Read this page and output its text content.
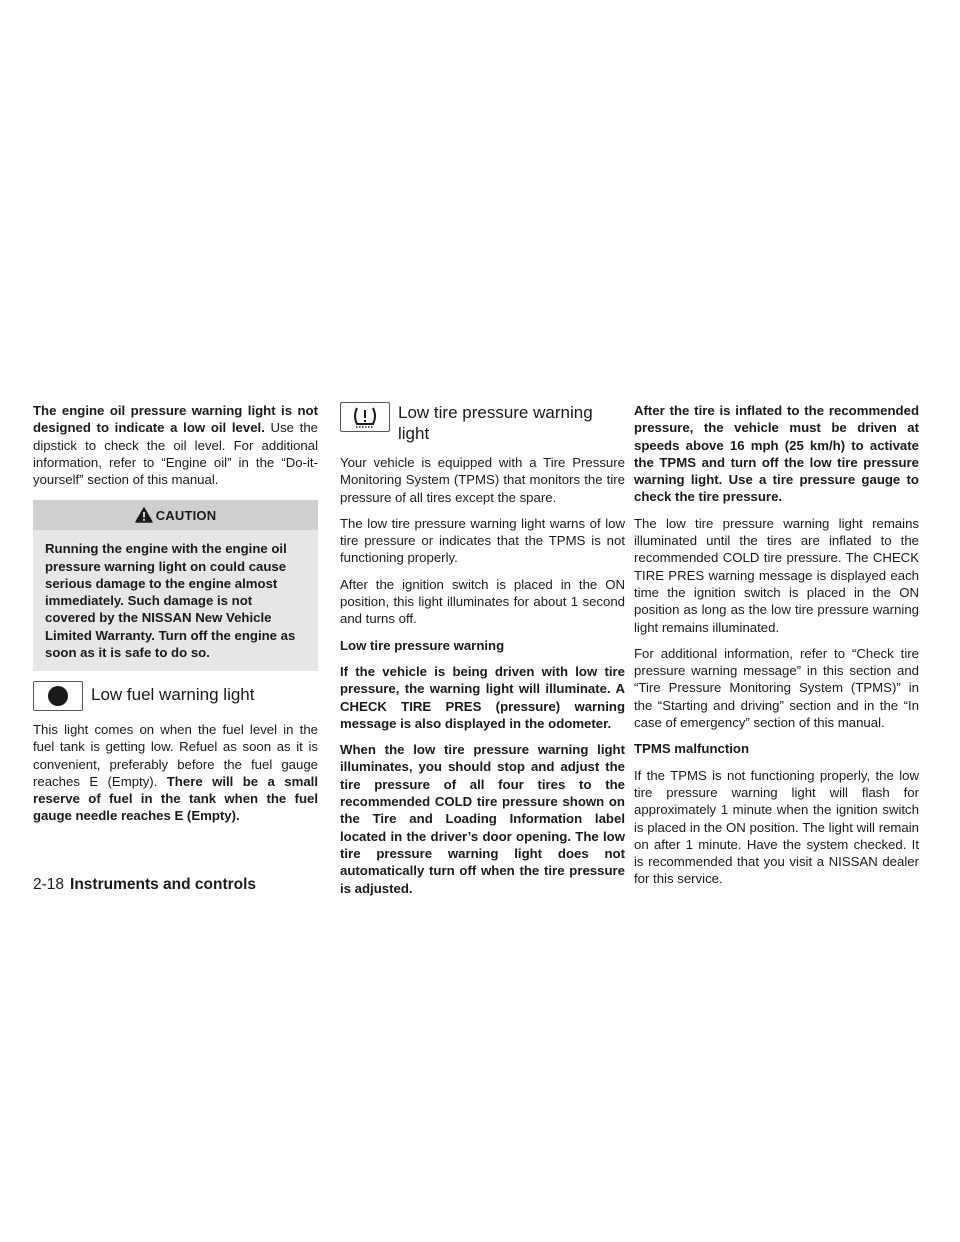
The engine oil pressure warning light is not designed to indicate a low oil level. Use the dipstick to check the oil level. For additional information, refer to “Engine oil” in the “Do-it-yourself” section of this manual.

CAUTION
Running the engine with the engine oil pressure warning light on could cause serious damage to the engine almost immediately. Such damage is not covered by the NISSAN New Vehicle Limited Warranty. Turn off the engine as soon as it is safe to do so.
Low fuel warning light

This light comes on when the fuel level in the fuel tank is getting low. Refuel as soon as it is convenient, preferably before the fuel gauge reaches E (Empty). There will be a small reserve of fuel in the tank when the fuel gauge needle reaches E (Empty).

Low tire pressure warning light

Your vehicle is equipped with a Tire Pressure Monitoring System (TPMS) that monitors the tire pressure of all tires except the spare.

The low tire pressure warning light warns of low tire pressure or indicates that the TPMS is not functioning properly.

After the ignition switch is placed in the ON position, this light illuminates for about 1 second and turns off.

Low tire pressure warning

If the vehicle is being driven with low tire pressure, the warning light will illuminate. A CHECK TIRE PRES (pressure) warning message is also displayed in the odometer.

When the low tire pressure warning light illuminates, you should stop and adjust the tire pressure of all four tires to the recommended COLD tire pressure shown on the Tire and Loading Information label located in the driver’s door opening. The low tire pressure warning light does not automatically turn off when the tire pressure is adjusted.

After the tire is inflated to the recommended pressure, the vehicle must be driven at speeds above 16 mph (25 km/h) to activate the TPMS and turn off the low tire pressure warning light. Use a tire pressure gauge to check the tire pressure.

The low tire pressure warning light remains illuminated until the tires are inflated to the recommended COLD tire pressure. The CHECK TIRE PRES warning message is displayed each time the ignition switch is placed in the ON position as long as the low tire pressure warning light remains illuminated.

For additional information, refer to “Check tire pressure warning message” in this section and “Tire Pressure Monitoring System (TPMS)” in the “Starting and driving” section and in the “In case of emergency” section of this manual.

TPMS malfunction

If the TPMS is not functioning properly, the low tire pressure warning light will flash for approximately 1 minute when the ignition switch is placed in the ON position. The light will remain on after 1 minute. Have the system checked. It is recommended that you visit a NISSAN dealer for this service.

2-18 Instruments and controls
